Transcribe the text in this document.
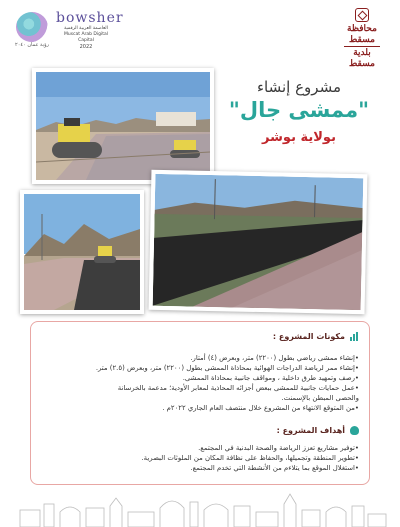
رؤية عمان ٢٠٤٠
bowsher
العاصمة العربية الرقمية
Muscat Arab Digital Capital
2022
محافظة مسقط
بلدية مسقط
مشروع إنشاء
"ممشى جال"
بولاية بوشر
مكونات المشروع :
•إنشاء ممشى رياضي بطول (٢٢٠٠) متر، وبعرض (٤) أمتار.
•إنشاء ممر لرياضة الدراجات الهوائية بمحاذاة الممشى بطول (٢٢٠٠) متر، وبعرض (٢.٥) متر.
•رصف وتمهيد طرق داخلية ، ومواقف جانبية بمحاذاة الممشى.
•عمل حمايات جانبية للممشى ببعض أجزائه المحاذية لمعابر الأودية؛ مدعمة بالخرسانة
والحصى المبطن بالإسمنت.
•من المتوقع الانتهاء من المشروع خلال منتصف العام الجاري ٢٠٢٢م .
أهداف المشروع :
•توفير مشاريع تعزز الرياضة والصحة البدنية في المجتمع.
•تطوير المنطقة وتجميلها، والحفاظ على نظافة المكان من الملوثات البصرية.
•استغلال الموقع بما يتلاءم من الأنشطة التي تخدم المجتمع.
